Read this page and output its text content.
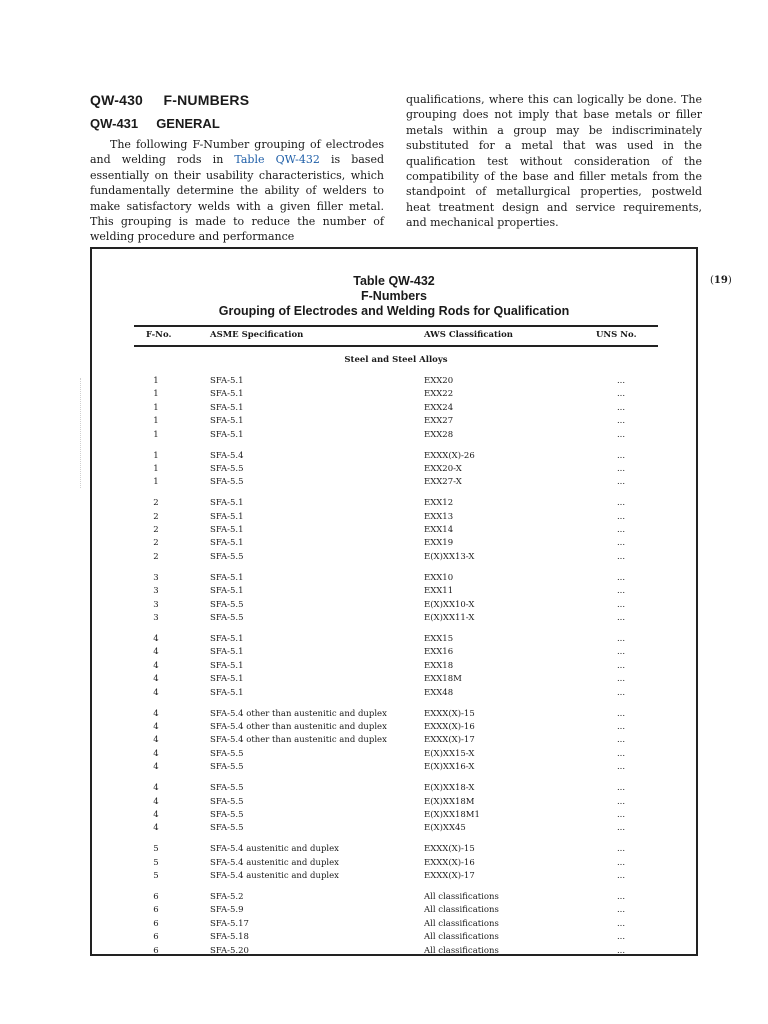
QW-430     F-NUMBERS
QW-431     GENERAL

The following F-Number grouping of electrodes and welding rods in Table QW-432 is based essentially on their usability characteristics, which fundamentally determine the ability of welders to make satisfactory welds with a given filler metal. This grouping is made to reduce the number of welding procedure and performance

qualifications, where this can logically be done. The grouping does not imply that base metals or filler metals within a group may be indiscriminately substituted for a metal that was used in the qualification test without consideration of the compatibility of the base and filler metals from the standpoint of metallurgical properties, postweld heat treatment design and service requirements, and mechanical properties.

(19)
Table QW-432
F-Numbers
Grouping of Electrodes and Welding Rods for Qualification
F-No.	ASME Specification	AWS Classification	UNS No.
Steel and Steel Alloys
1	SFA-5.1	EXX20	...
1	SFA-5.1	EXX22	...
1	SFA-5.1	EXX24	...
1	SFA-5.1	EXX27	...
1	SFA-5.1	EXX28	...
1	SFA-5.4	EXXX(X)-26	...
1	SFA-5.5	EXX20-X	...
1	SFA-5.5	EXX27-X	...
2	SFA-5.1	EXX12	...
2	SFA-5.1	EXX13	...
2	SFA-5.1	EXX14	...
2	SFA-5.1	EXX19	...
2	SFA-5.5	E(X)XX13-X	...
3	SFA-5.1	EXX10	...
3	SFA-5.1	EXX11	...
3	SFA-5.5	E(X)XX10-X	...
3	SFA-5.5	E(X)XX11-X	...
4	SFA-5.1	EXX15	...
4	SFA-5.1	EXX16	...
4	SFA-5.1	EXX18	...
4	SFA-5.1	EXX18M	...
4	SFA-5.1	EXX48	...
4	SFA-5.4 other than austenitic and duplex	EXXX(X)-15	...
4	SFA-5.4 other than austenitic and duplex	EXXX(X)-16	...
4	SFA-5.4 other than austenitic and duplex	EXXX(X)-17	...
4	SFA-5.5	E(X)XX15-X	...
4	SFA-5.5	E(X)XX16-X	...
4	SFA-5.5	E(X)XX18-X	...
4	SFA-5.5	E(X)XX18M	...
4	SFA-5.5	E(X)XX18M1	...
4	SFA-5.5	E(X)XX45	...
5	SFA-5.4 austenitic and duplex	EXXX(X)-15	...
5	SFA-5.4 austenitic and duplex	EXXX(X)-16	...
5	SFA-5.4 austenitic and duplex	EXXX(X)-17	...
6	SFA-5.2	All classifications	...
6	SFA-5.9	All classifications	...
6	SFA-5.17	All classifications	...
6	SFA-5.18	All classifications	...
6	SFA-5.20	All classifications	...
